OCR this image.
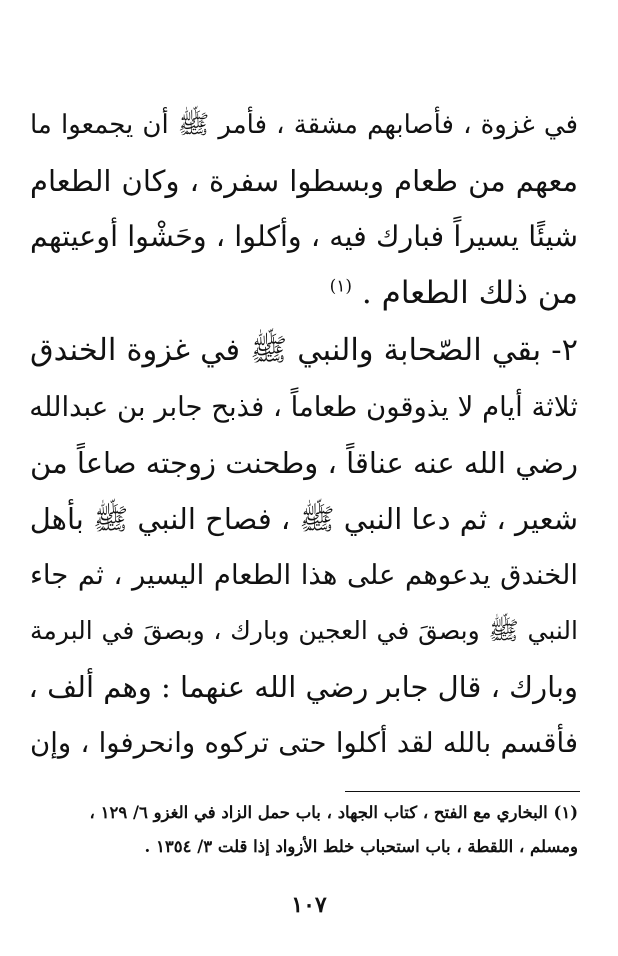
في غزوة ، فأصابهم مشقة ، فأمر ﷺ أن يجمعوا ما
معهم من طعام وبسطوا سفرة ، وكان الطعام
شيئًا يسيراً فبارك فيه ، وأكلوا ، وحَشْوا أوعيتهم
من ذلك الطعام . $^{(١)}$
٢- بقي الصّحابة والنبي ﷺ في غزوة الخندق
ثلاثة أيام لا يذوقون طعاماً ، فذبح جابر بن عبدالله
رضي الله عنه عناقاً ، وطحنت زوجته صاعاً من
شعير ، ثم دعا النبي ﷺ ، فصاح النبي ﷺ بأهل
الخندق يدعوهم على هذا الطعام اليسير ، ثم جاء
النبي ﷺ وبصقَ في العجين وبارك ، وبصقَ في البرمة
وبارك ، قال جابر رضي الله عنهما : وهم ألف ،
فأقسم بالله لقد أكلوا حتى تركوه وانحرفوا ، وإن
(١) البخاري مع الفتح ، كتاب الجهاد ، باب حمل الزاد في الغزو ٦/ ١٢٩ ،
ومسلم ، اللقطة ، باب استحباب خلط الأزواد إذا قلت ٣/ ١٣٥٤ .
١٠٧
